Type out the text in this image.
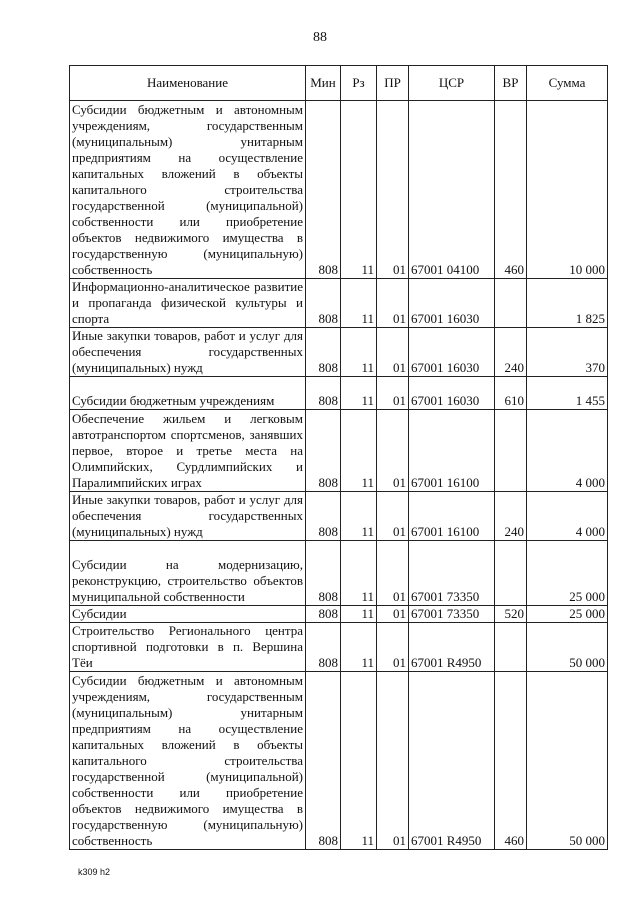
88
Наименование	Мин	Рз	ПР	ЦСР	ВР	Сумма
Субсидии бюджетным и автономным учреждениям, государственным (муниципальным) унитарным предприятиям на осуществление капитальных вложений в объекты капитального строительства государственной (муниципальной) собственности или приобретение объектов недвижимого имущества в государственную (муниципальную) собственность	808	11	01	67001 04100	460	10 000
Информационно-аналитическое развитие и пропаганда физической культуры и спорта	808	11	01	67001 16030		1 825
Иные закупки товаров, работ и услуг для обеспечения государственных (муниципальных) нужд	808	11	01	67001 16030	240	370
Субсидии бюджетным учреждениям	808	11	01	67001 16030	610	1 455
Обеспечение жильем и легковым автотранспортом спортсменов, занявших первое, второе и третье места на Олимпийских, Сурдлимпийских и Паралимпийских играх	808	11	01	67001 16100		4 000
Иные закупки товаров, работ и услуг для обеспечения государственных (муниципальных) нужд	808	11	01	67001 16100	240	4 000
Субсидии на модернизацию, реконструкцию, строительство объектов муниципальной собственности	808	11	01	67001 73350		25 000
Субсидии	808	11	01	67001 73350	520	25 000
Строительство Регионального центра спортивной подготовки в п. Вершина Тёи	808	11	01	67001 R4950		50 000
Субсидии бюджетным и автономным учреждениям, государственным (муниципальным) унитарным предприятиям на осуществление капитальных вложений в объекты капитального строительства государственной (муниципальной) собственности или приобретение объектов недвижимого имущества в государственную (муниципальную) собственность	808	11	01	67001 R4950	460	50 000
k309 h2
